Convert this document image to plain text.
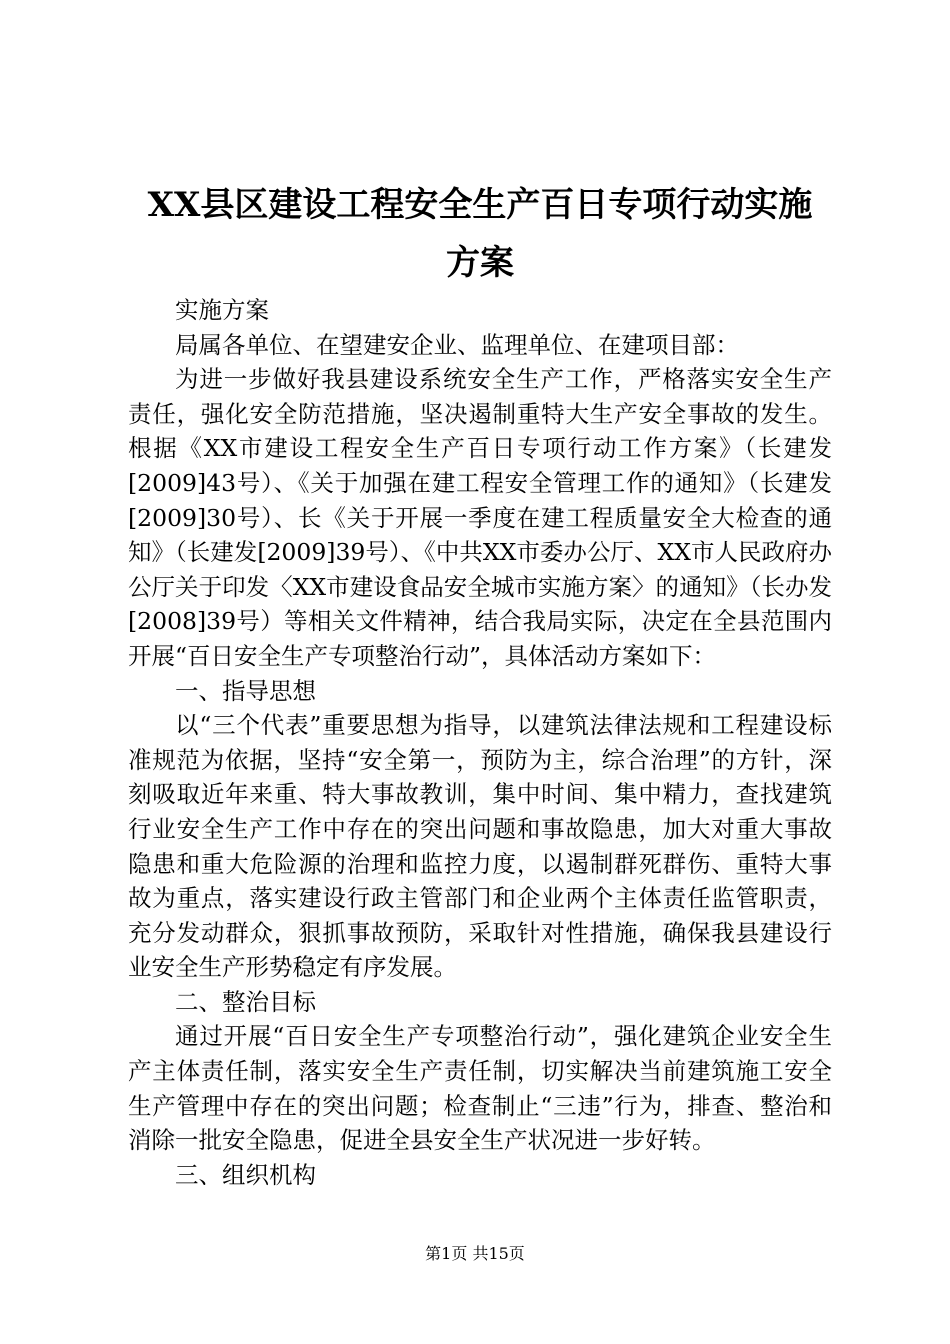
XX县区建设工程安全生产百日专项行动实施
方案

实施方案

局属各单位、在望建安企业、监理单位、在建项目部：

为进一步做好我县建设系统安全生产工作，严格落实安全生产责任，强化安全防范措施，坚决遏制重特大生产安全事故的发生。根据《XX市建设工程安全生产百日专项行动工作方案》（长建发[2009]43号）、《关于加强在建工程安全管理工作的通知》（长建发[2009]30号）、长《关于开展一季度在建工程质量安全大检查的通知》（长建发[2009]39号）、《中共XX市委办公厅、XX市人民政府办公厅关于印发〈XX市建设食品安全城市实施方案〉的通知》（长办发[2008]39号）等相关文件精神，结合我局实际，决定在全县范围内开展“百日安全生产专项整治行动”，具体活动方案如下：

一、指导思想

以“三个代表”重要思想为指导，以建筑法律法规和工程建设标准规范为依据，坚持“安全第一，预防为主，综合治理”的方针，深刻吸取近年来重、特大事故教训，集中时间、集中精力，查找建筑行业安全生产工作中存在的突出问题和事故隐患，加大对重大事故隐患和重大危险源的治理和监控力度，以遏制群死群伤、重特大事故为重点，落实建设行政主管部门和企业两个主体责任监管职责，充分发动群众，狠抓事故预防，采取针对性措施，确保我县建设行业安全生产形势稳定有序发展。

二、整治目标

通过开展“百日安全生产专项整治行动”，强化建筑企业安全生产主体责任制，落实安全生产责任制，切实解决当前建筑施工安全生产管理中存在的突出问题；检查制止“三违”行为，排查、整治和消除一批安全隐患，促进全县安全生产状况进一步好转。

三、组织机构

第1页 共15页
